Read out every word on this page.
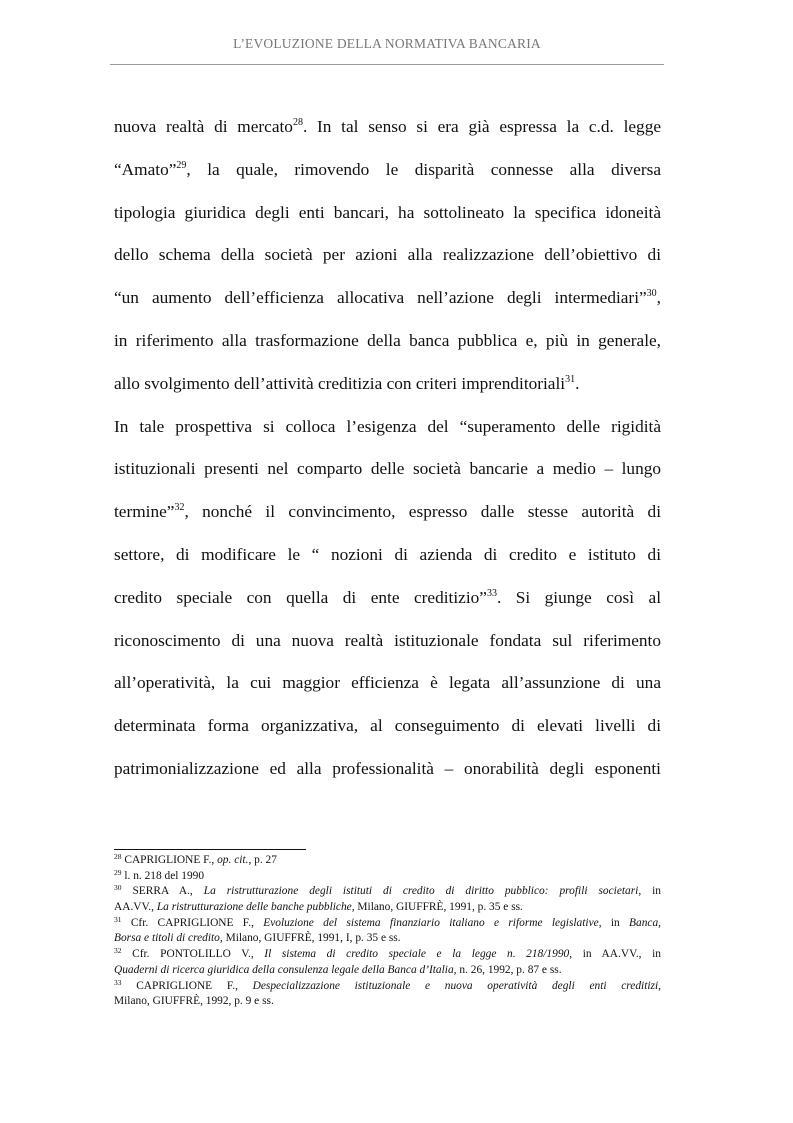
L’EVOLUZIONE DELLA NORMATIVA BANCARIA
nuova realtà di mercato$^{28}$. In tal senso si era già espressa la c.d. legge
“Amato”$^{29}$, la quale, rimovendo le disparità connesse alla diversa
tipologia giuridica degli enti bancari, ha sottolineato la specifica idoneità
dello schema della società per azioni alla realizzazione dell’obiettivo di
“un aumento dell’efficienza allocativa nell’azione degli intermediari”$^{30}$,
in riferimento alla trasformazione della banca pubblica e, più in generale,
allo svolgimento dell’attività creditizia con criteri imprenditoriali$^{31}$.
In tale prospettiva si colloca l’esigenza del “superamento delle rigidità
istituzionali presenti nel comparto delle società bancarie a medio – lungo
termine”$^{32}$, nonché il convincimento, espresso dalle stesse autorità di
settore, di modificare le “ nozioni di azienda di credito e istituto di
credito speciale con quella di ente creditizio”$^{33}$. Si giunge così al
riconoscimento di una nuova realtà istituzionale fondata sul riferimento
all’operatività, la cui maggior efficienza è legata all’assunzione di una
determinata forma organizzativa, al conseguimento di elevati livelli di
patrimonializzazione ed alla professionalità – onorabilità degli esponenti
$^{28}$ CAPRIGLIONE F., op. cit., p. 27
$^{29}$ l. n. 218 del 1990
$^{30}$ SERRA A., La ristrutturazione degli istituti di credito di diritto pubblico: profili societari, in
AA.VV., La ristrutturazione delle banche pubbliche, Milano, GIUFFRÈ, 1991, p. 35 e ss.
$^{31}$ Cfr. CAPRIGLIONE F., Evoluzione del sistema finanziario italiano e riforme legislative, in Banca,
Borsa e titoli di credito, Milano, GIUFFRÈ, 1991, I, p. 35 e ss.
$^{32}$ Cfr. PONTOLILLO V., Il sistema di credito speciale e la legge n. 218/1990, in AA.VV., in
Quaderni di ricerca giuridica della consulenza legale della Banca d’Italia, n. 26, 1992, p. 87 e ss.
$^{33}$ CAPRIGLIONE F., Despecializzazione istituzionale e nuova operatività degli enti creditizi,
Milano, GIUFFRÈ, 1992, p. 9 e ss.
